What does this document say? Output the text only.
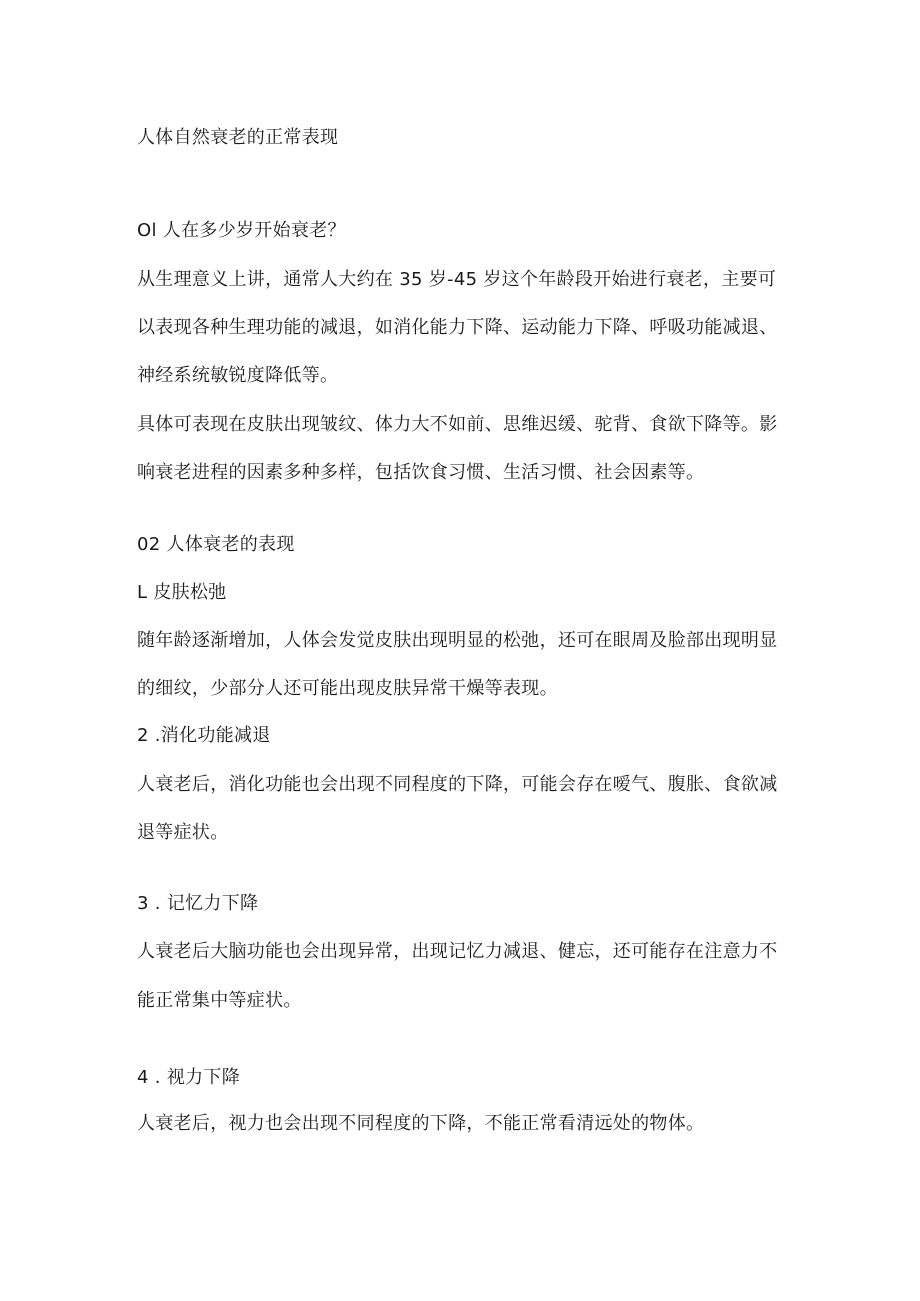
人体自然衰老的正常表现
Ol 人在多少岁开始衰老？
从生理意义上讲，通常人大约在 35 岁-45 岁这个年龄段开始进行衰老，主要可
以表现各种生理功能的减退，如消化能力下降、运动能力下降、呼吸功能减退、
神经系统敏锐度降低等。
具体可表现在皮肤出现皱纹、体力大不如前、思维迟缓、驼背、食欲下降等。影
响衰老进程的因素多种多样，包括饮食习惯、生活习惯、社会因素等。
02 人体衰老的表现
L 皮肤松弛
随年龄逐渐增加，人体会发觉皮肤出现明显的松弛，还可在眼周及脸部出现明显
的细纹，少部分人还可能出现皮肤异常干燥等表现。
2 .消化功能减退
人衰老后，消化功能也会出现不同程度的下降，可能会存在嗳气、腹胀、食欲减
退等症状。
3 . 记忆力下降
人衰老后大脑功能也会出现异常，出现记忆力减退、健忘，还可能存在注意力不
能正常集中等症状。
4 . 视力下降
人衰老后，视力也会出现不同程度的下降，不能正常看清远处的物体。
